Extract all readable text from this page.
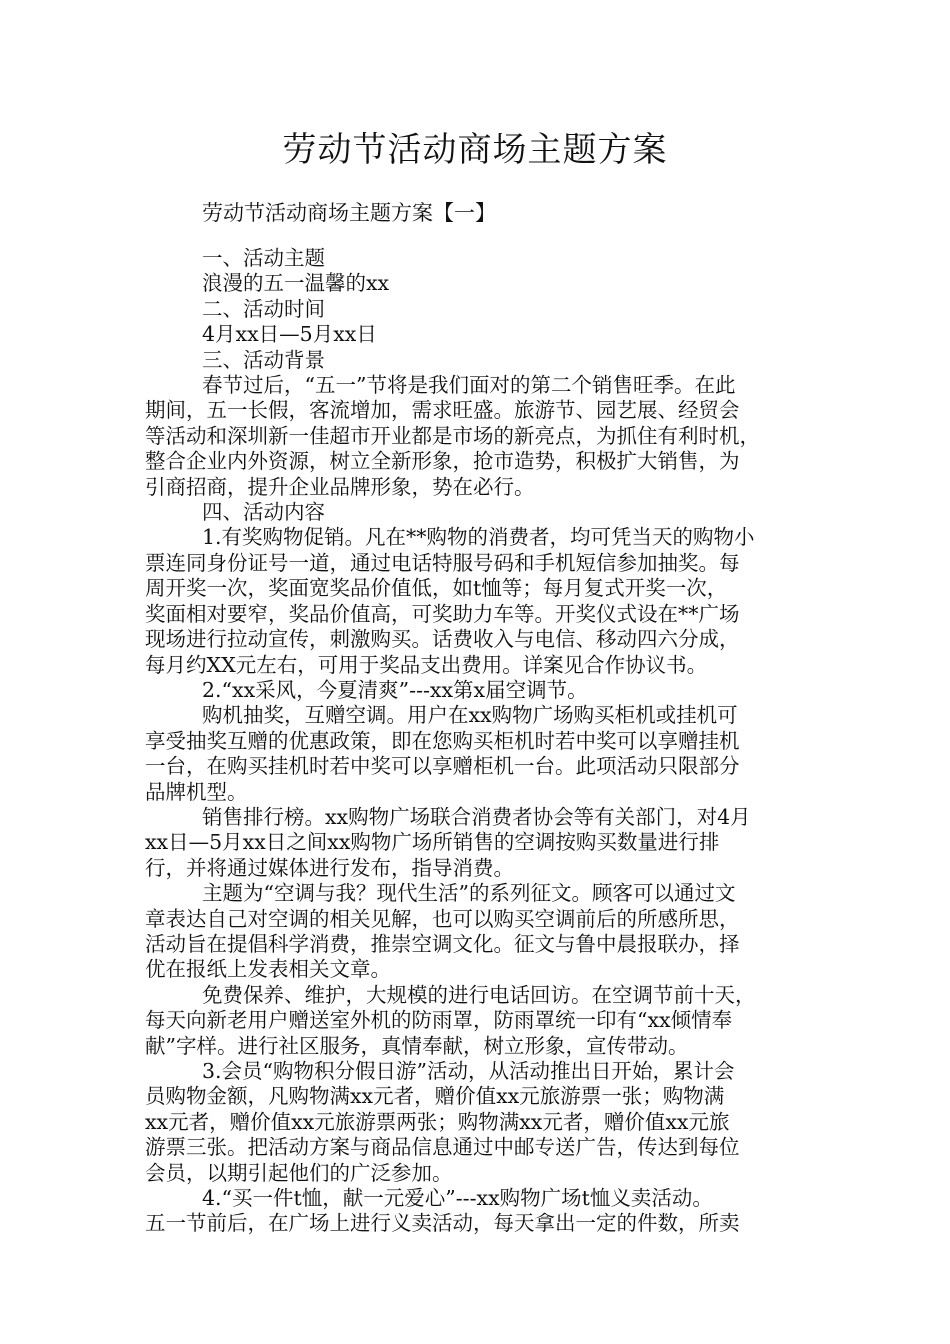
劳动节活动商场主题方案

劳动节活动商场主题方案【一】

一、活动主题

浪漫的五一温馨的xx

二、活动时间

4月xx日—5月xx日

三、活动背景

春节过后，“五一”节将是我们面对的第二个销售旺季。在此

期间，五一长假，客流增加，需求旺盛。旅游节、园艺展、经贸会

等活动和深圳新一佳超市开业都是市场的新亮点，为抓住有利时机，

整合企业内外资源，树立全新形象，抢市造势，积极扩大销售，为

引商招商，提升企业品牌形象，势在必行。

四、活动内容

1.有奖购物促销。凡在**购物的消费者，均可凭当天的购物小

票连同身份证号一道，通过电话特服号码和手机短信参加抽奖。每

周开奖一次，奖面宽奖品价值低，如t恤等；每月复式开奖一次，

奖面相对要窄，奖品价值高，可奖助力车等。开奖仪式设在**广场

现场进行拉动宣传，刺激购买。话费收入与电信、移动四六分成，

每月约XX元左右，可用于奖品支出费用。详案见合作协议书。

2.“xx采风，今夏清爽”---xx第x届空调节。

购机抽奖，互赠空调。用户在xx购物广场购买柜机或挂机可

享受抽奖互赠的优惠政策，即在您购买柜机时若中奖可以享赠挂机

一台，在购买挂机时若中奖可以享赠柜机一台。此项活动只限部分

品牌机型。

销售排行榜。xx购物广场联合消费者协会等有关部门，对4月

xx日—5月xx日之间xx购物广场所销售的空调按购买数量进行排

行，并将通过媒体进行发布，指导消费。

主题为“空调与我？现代生活”的系列征文。顾客可以通过文

章表达自己对空调的相关见解，也可以购买空调前后的所感所思，

活动旨在提倡科学消费，推崇空调文化。征文与鲁中晨报联办，择

优在报纸上发表相关文章。

免费保养、维护，大规模的进行电话回访。在空调节前十天，

每天向新老用户赠送室外机的防雨罩，防雨罩统一印有“xx倾情奉

献”字样。进行社区服务，真情奉献，树立形象，宣传带动。

3.会员“购物积分假日游”活动，从活动推出日开始，累计会

员购物金额，凡购物满xx元者，赠价值xx元旅游票一张；购物满

xx元者，赠价值xx元旅游票两张；购物满xx元者，赠价值xx元旅

游票三张。把活动方案与商品信息通过中邮专送广告，传达到每位

会员，以期引起他们的广泛参加。

4.“买一件t恤，献一元爱心”---xx购物广场t恤义卖活动。

五一节前后，在广场上进行义卖活动，每天拿出一定的件数，所卖
